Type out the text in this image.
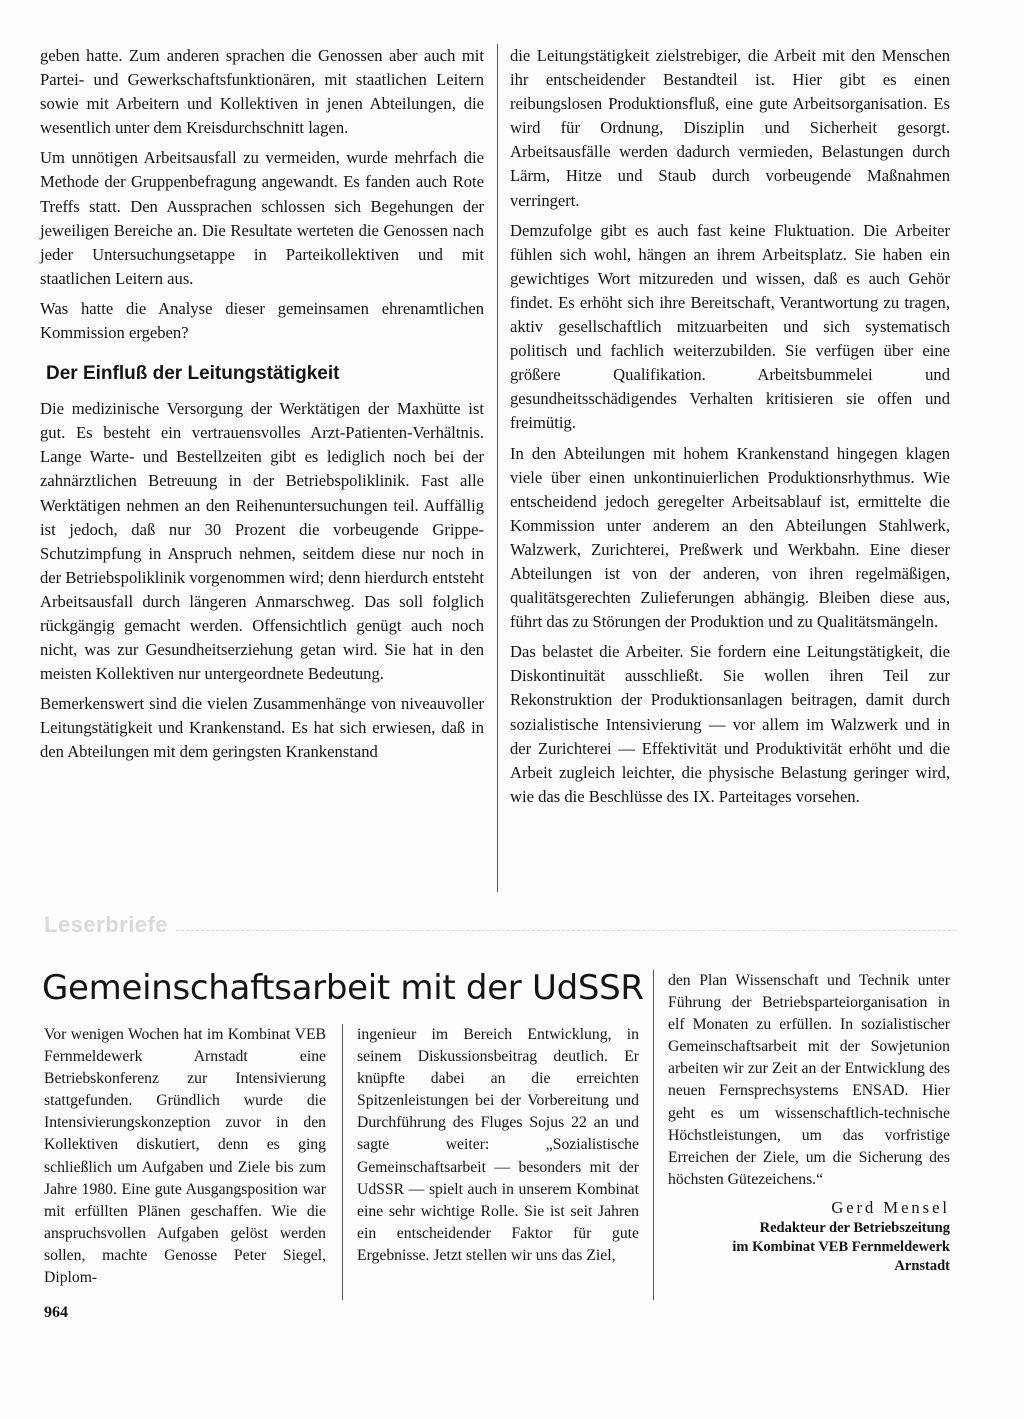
geben hatte. Zum anderen sprachen die Genossen aber auch mit Partei- und Gewerkschaftsfunktionären, mit staatlichen Leitern sowie mit Arbeitern und Kollektiven in jenen Abteilungen, die wesentlich unter dem Kreisdurchschnitt lagen.

Um unnötigen Arbeitsausfall zu vermeiden, wurde mehrfach die Methode der Gruppenbefragung angewandt. Es fanden auch Rote Treffs statt. Den Aussprachen schlossen sich Begehungen der jeweiligen Bereiche an. Die Resultate werteten die Genossen nach jeder Untersuchungsetappe in Parteikollektiven und mit staatlichen Leitern aus.

Was hatte die Analyse dieser gemeinsamen ehrenamtlichen Kommission ergeben?

Der Einfluß der Leitungstätigkeit

Die medizinische Versorgung der Werktätigen der Maxhütte ist gut. Es besteht ein vertrauensvolles Arzt-Patienten-Verhältnis. Lange Warte- und Bestellzeiten gibt es lediglich noch bei der zahnärztlichen Betreuung in der Betriebspoliklinik. Fast alle Werktätigen nehmen an den Reihenuntersuchungen teil. Auffällig ist jedoch, daß nur 30 Prozent die vorbeugende Grippe-Schutzimpfung in Anspruch nehmen, seitdem diese nur noch in der Betriebspoliklinik vorgenommen wird; denn hierdurch entsteht Arbeitsausfall durch längeren Anmarschweg. Das soll folglich rückgängig gemacht werden. Offensichtlich genügt auch noch nicht, was zur Gesundheitserziehung getan wird. Sie hat in den meisten Kollektiven nur untergeordnete Bedeutung.

Bemerkenswert sind die vielen Zusammenhänge von niveauvoller Leitungstätigkeit und Krankenstand. Es hat sich erwiesen, daß in den Abteilungen mit dem geringsten Krankenstand

die Leitungstätigkeit zielstrebiger, die Arbeit mit den Menschen ihr entscheidender Bestandteil ist. Hier gibt es einen reibungslosen Produktionsfluß, eine gute Arbeitsorganisation. Es wird für Ordnung, Disziplin und Sicherheit gesorgt. Arbeitsausfälle werden dadurch vermieden, Belastungen durch Lärm, Hitze und Staub durch vorbeugende Maßnahmen verringert.

Demzufolge gibt es auch fast keine Fluktuation. Die Arbeiter fühlen sich wohl, hängen an ihrem Arbeitsplatz. Sie haben ein gewichtiges Wort mitzureden und wissen, daß es auch Gehör findet. Es erhöht sich ihre Bereitschaft, Verantwortung zu tragen, aktiv gesellschaftlich mitzuarbeiten und sich systematisch politisch und fachlich weiterzubilden. Sie verfügen über eine größere Qualifikation. Arbeitsbummelei und gesundheitsschädigendes Verhalten kritisieren sie offen und freimütig.

In den Abteilungen mit hohem Krankenstand hingegen klagen viele über einen unkontinuierlichen Produktionsrhythmus. Wie entscheidend jedoch geregelter Arbeitsablauf ist, ermittelte die Kommission unter anderem an den Abteilungen Stahlwerk, Walzwerk, Zurichterei, Preßwerk und Werkbahn. Eine dieser Abteilungen ist von der anderen, von ihren regelmäßigen, qualitätsgerechten Zulieferungen abhängig. Bleiben diese aus, führt das zu Störungen der Produktion und zu Qualitätsmängeln.

Das belastet die Arbeiter. Sie fordern eine Leitungstätigkeit, die Diskontinuität ausschließt. Sie wollen ihren Teil zur Rekonstruktion der Produktionsanlagen beitragen, damit durch sozialistische Intensivierung — vor allem im Walzwerk und in der Zurichterei — Effektivität und Produktivität erhöht und die Arbeit zugleich leichter, die physische Belastung geringer wird, wie das die Beschlüsse des IX. Parteitages vorsehen.

Leserbriefe
Gemeinschaftsarbeit mit der UdSSR

Vor wenigen Wochen hat im Kombinat VEB Fernmeldewerk Arnstadt eine Betriebskonferenz zur Intensivierung stattgefunden. Gründlich wurde die Intensivierungskonzeption zuvor in den Kollektiven diskutiert, denn es ging schließlich um Aufgaben und Ziele bis zum Jahre 1980. Eine gute Ausgangsposition war mit erfüllten Plänen geschaffen. Wie die anspruchsvollen Aufgaben gelöst werden sollen, machte Genosse Peter Siegel, Diplom-

ingenieur im Bereich Entwicklung, in seinem Diskussionsbeitrag deutlich. Er knüpfte dabei an die erreichten Spitzenleistungen bei der Vorbereitung und Durchführung des Fluges Sojus 22 an und sagte weiter: „Sozialistische Gemeinschaftsarbeit — besonders mit der UdSSR — spielt auch in unserem Kombinat eine sehr wichtige Rolle. Sie ist seit Jahren ein entscheidender Faktor für gute Ergebnisse. Jetzt stellen wir uns das Ziel,

den Plan Wissenschaft und Technik unter Führung der Betriebsparteiorganisation in elf Monaten zu erfüllen. In sozialistischer Gemeinschaftsarbeit mit der Sowjetunion arbeiten wir zur Zeit an der Entwicklung des neuen Fernsprechsystems ENSAD. Hier geht es um wissenschaftlich-technische Höchstleistungen, um das vorfristige Erreichen der Ziele, um die Sicherung des höchsten Gütezeichens.“

Gerd Mensel
Redakteur der Betriebszeitung
im Kombinat VEB Fernmeldewerk
Arnstadt
964
